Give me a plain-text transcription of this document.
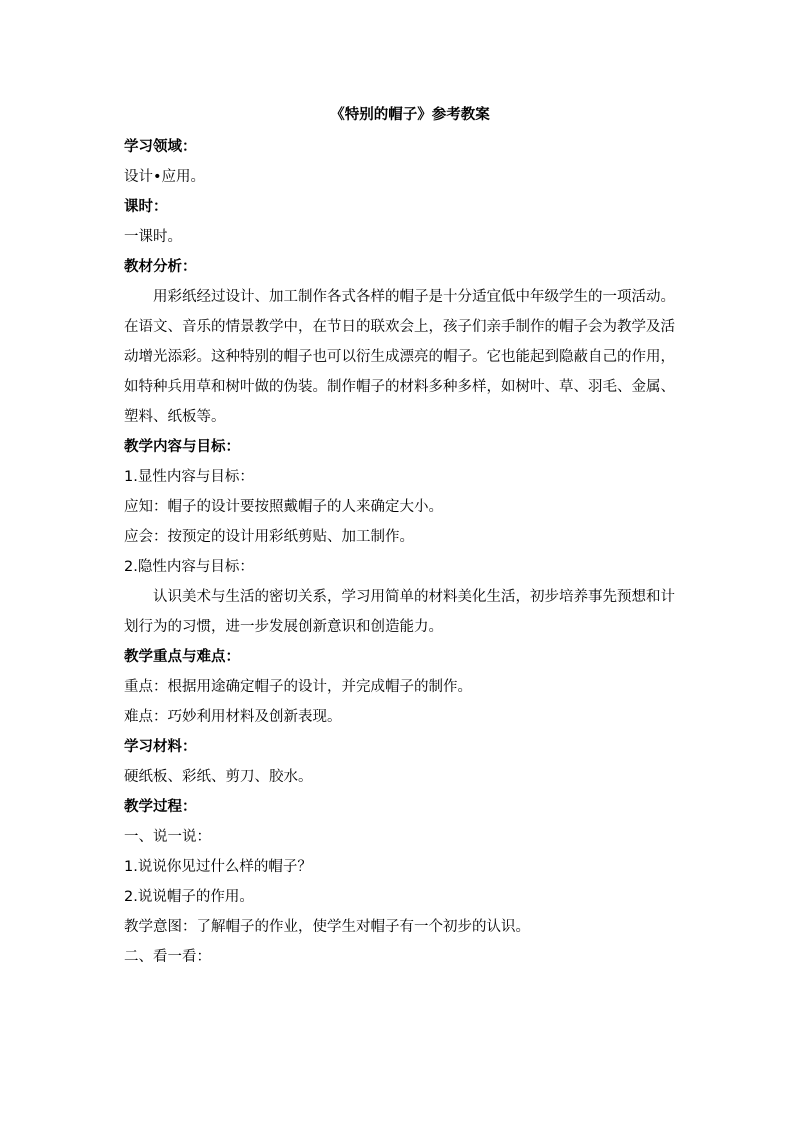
《特别的帽子》参考教案
学习领域：
设计•应用。
课时：
一课时。
教材分析：
用彩纸经过设计、加工制作各式各样的帽子是十分适宜低中年级学生的一项活动。
在语文、音乐的情景教学中，在节日的联欢会上，孩子们亲手制作的帽子会为教学及活
动增光添彩。这种特别的帽子也可以衍生成漂亮的帽子。它也能起到隐蔽自己的作用，
如特种兵用草和树叶做的伪装。制作帽子的材料多种多样，如树叶、草、羽毛、金属、
塑料、纸板等。
教学内容与目标：
1.显性内容与目标：
应知：帽子的设计要按照戴帽子的人来确定大小。
应会：按预定的设计用彩纸剪贴、加工制作。
2.隐性内容与目标：
认识美术与生活的密切关系，学习用简单的材料美化生活，初步培养事先预想和计
划行为的习惯，进一步发展创新意识和创造能力。
教学重点与难点：
重点：根据用途确定帽子的设计，并完成帽子的制作。
难点：巧妙利用材料及创新表现。
学习材料：
硬纸板、彩纸、剪刀、胶水。
教学过程：
一、说一说：
1.说说你见过什么样的帽子？
2.说说帽子的作用。
教学意图：了解帽子的作业，使学生对帽子有一个初步的认识。
二、看一看：
